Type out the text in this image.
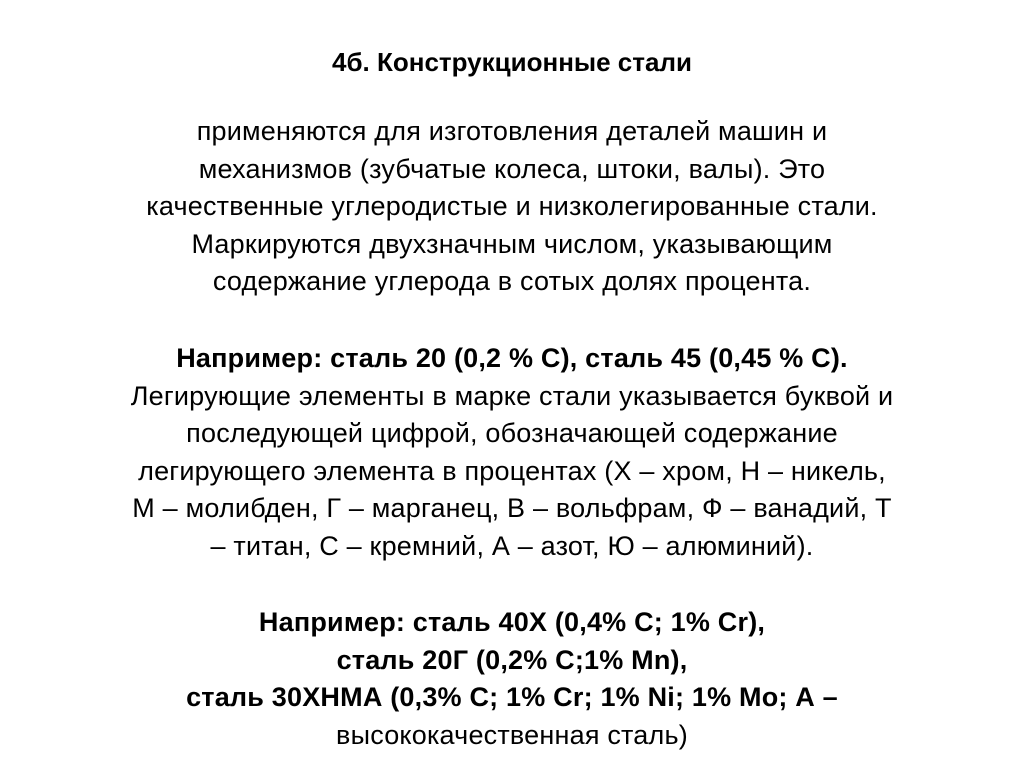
4б. Конструкционные стали
применяются для изготовления деталей машин и
механизмов (зубчатые колеса, штоки, валы). Это
качественные углеродистые и низколегированные стали.
Маркируются двухзначным числом, указывающим
содержание углерода в сотых долях процента.
Например: сталь 20 (0,2 % С), сталь 45 (0,45 % С).
Легирующие элементы в марке стали указывается буквой и
последующей цифрой, обозначающей содержание
легирующего элемента в процентах (Х – хром, Н – никель,
М – молибден, Г – марганец, В – вольфрам, Ф – ванадий, Т
– титан, С – кремний, А – азот, Ю – алюминий).
Например: сталь 40Х (0,4% С; 1% Cr),
сталь 20Г (0,2% С;1% Mn),
сталь 30ХНМА (0,3% С; 1% Cr; 1% Ni; 1% Mo; А –
высококачественная сталь)
